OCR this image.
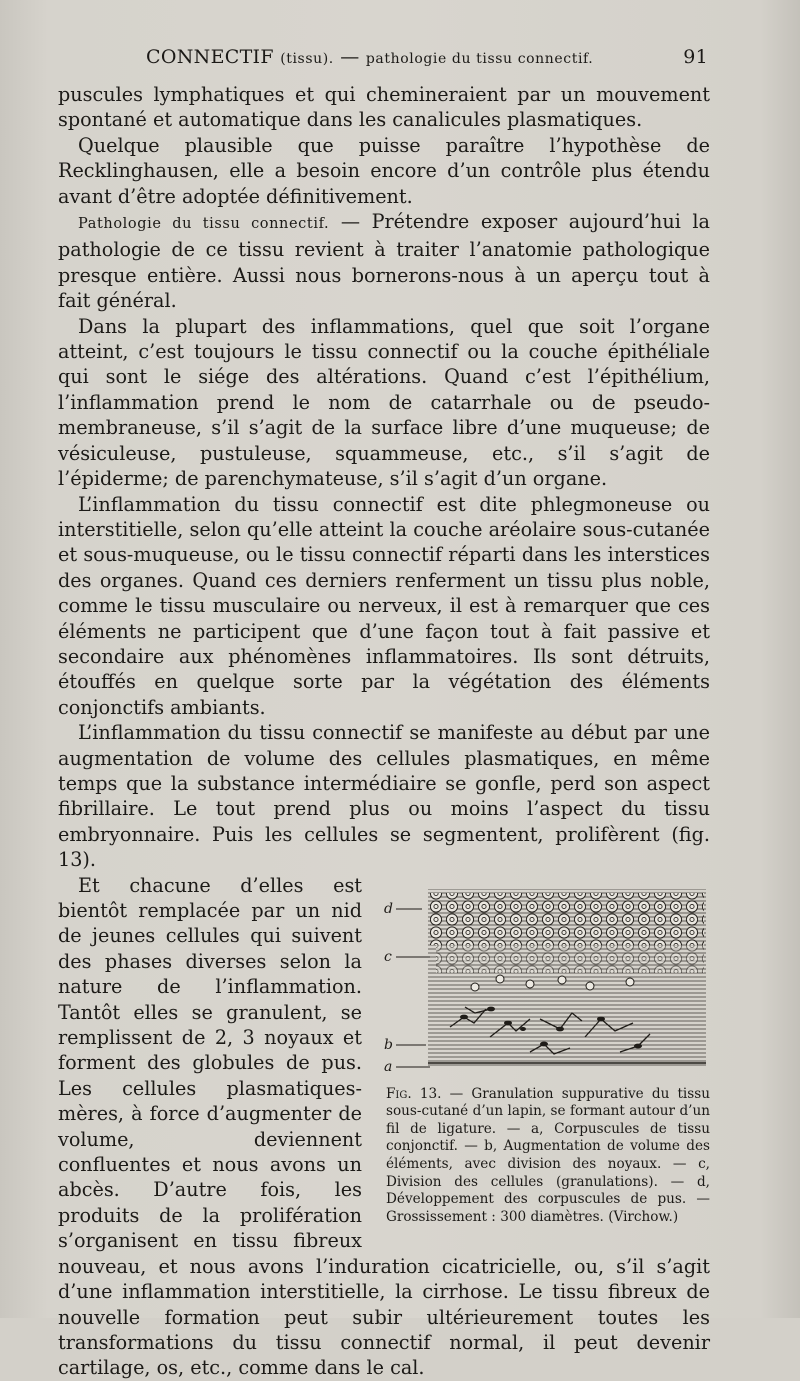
CONNECTIF (tissu). — pathologie du tissu connectif.	91

puscules lymphatiques et qui chemineraient par un mouvement spontané et automatique dans les canalicules plasmatiques.

Quelque plausible que puisse paraître l’hypothèse de Recklinghausen, elle a besoin encore d’un contrôle plus étendu avant d’être adoptée définitivement.

Pathologie du tissu connectif. — Prétendre exposer aujourd’hui la pathologie de ce tissu revient à traiter l’anatomie pathologique presque entière. Aussi nous bornerons-nous à un aperçu tout à fait général.

Dans la plupart des inflammations, quel que soit l’organe atteint, c’est toujours le tissu connectif ou la couche épithéliale qui sont le siége des altérations. Quand c’est l’épithélium, l’inflammation prend le nom de catarrhale ou de pseudo-membraneuse, s’il s’agit de la surface libre d’une muqueuse; de vésiculeuse, pustuleuse, squammeuse, etc., s’il s’agit de l’épiderme; de parenchymateuse, s’il s’agit d’un organe.

L’inflammation du tissu connectif est dite phlegmoneuse ou interstitielle, selon qu’elle atteint la couche aréolaire sous-cutanée et sous-muqueuse, ou le tissu connectif réparti dans les interstices des organes. Quand ces derniers renferment un tissu plus noble, comme le tissu musculaire ou nerveux, il est à remarquer que ces éléments ne participent que d’une façon tout à fait passive et secondaire aux phénomènes inflammatoires. Ils sont détruits, étouffés en quelque sorte par la végétation des éléments conjonctifs ambiants.

L’inflammation du tissu connectif se manifeste au début par une augmentation de volume des cellules plasmatiques, en même temps que la substance intermédiaire se gonfle, perd son aspect fibrillaire. Le tout prend plus ou moins l’aspect du tissu embryonnaire. Puis les cellules se segmentent, prolifèrent (fig. 13).

d
c
b
a
Fig. 13. — Granulation suppurative du tissu sous-cutané d’un lapin, se formant autour d’un fil de ligature. — a, Corpuscules de tissu conjonctif. — b, Augmentation de volume des éléments, avec division des noyaux. — c, Division des cellules (granulations). — d, Développement des corpuscules de pus. — Grossissement : 300 diamètres. (Virchow.)

Et chacune d’elles est bientôt remplacée par un nid de jeunes cellules qui suivent des phases diverses selon la nature de l’inflammation. Tantôt elles se granulent, se remplissent de 2, 3 noyaux et forment des globules de pus. Les cellules plasmatiques-mères, à force d’augmenter de volume, deviennent confluentes et nous avons un abcès. D’autre fois, les produits de la prolifération s’organisent en tissu fibreux nouveau, et nous avons l’induration cicatricielle, ou, s’il s’agit d’une inflammation interstitielle, la cirrhose. Le tissu fibreux de nouvelle formation peut subir ultérieurement toutes les transformations du tissu connectif normal, il peut devenir cartilage, os, etc., comme dans le cal.
